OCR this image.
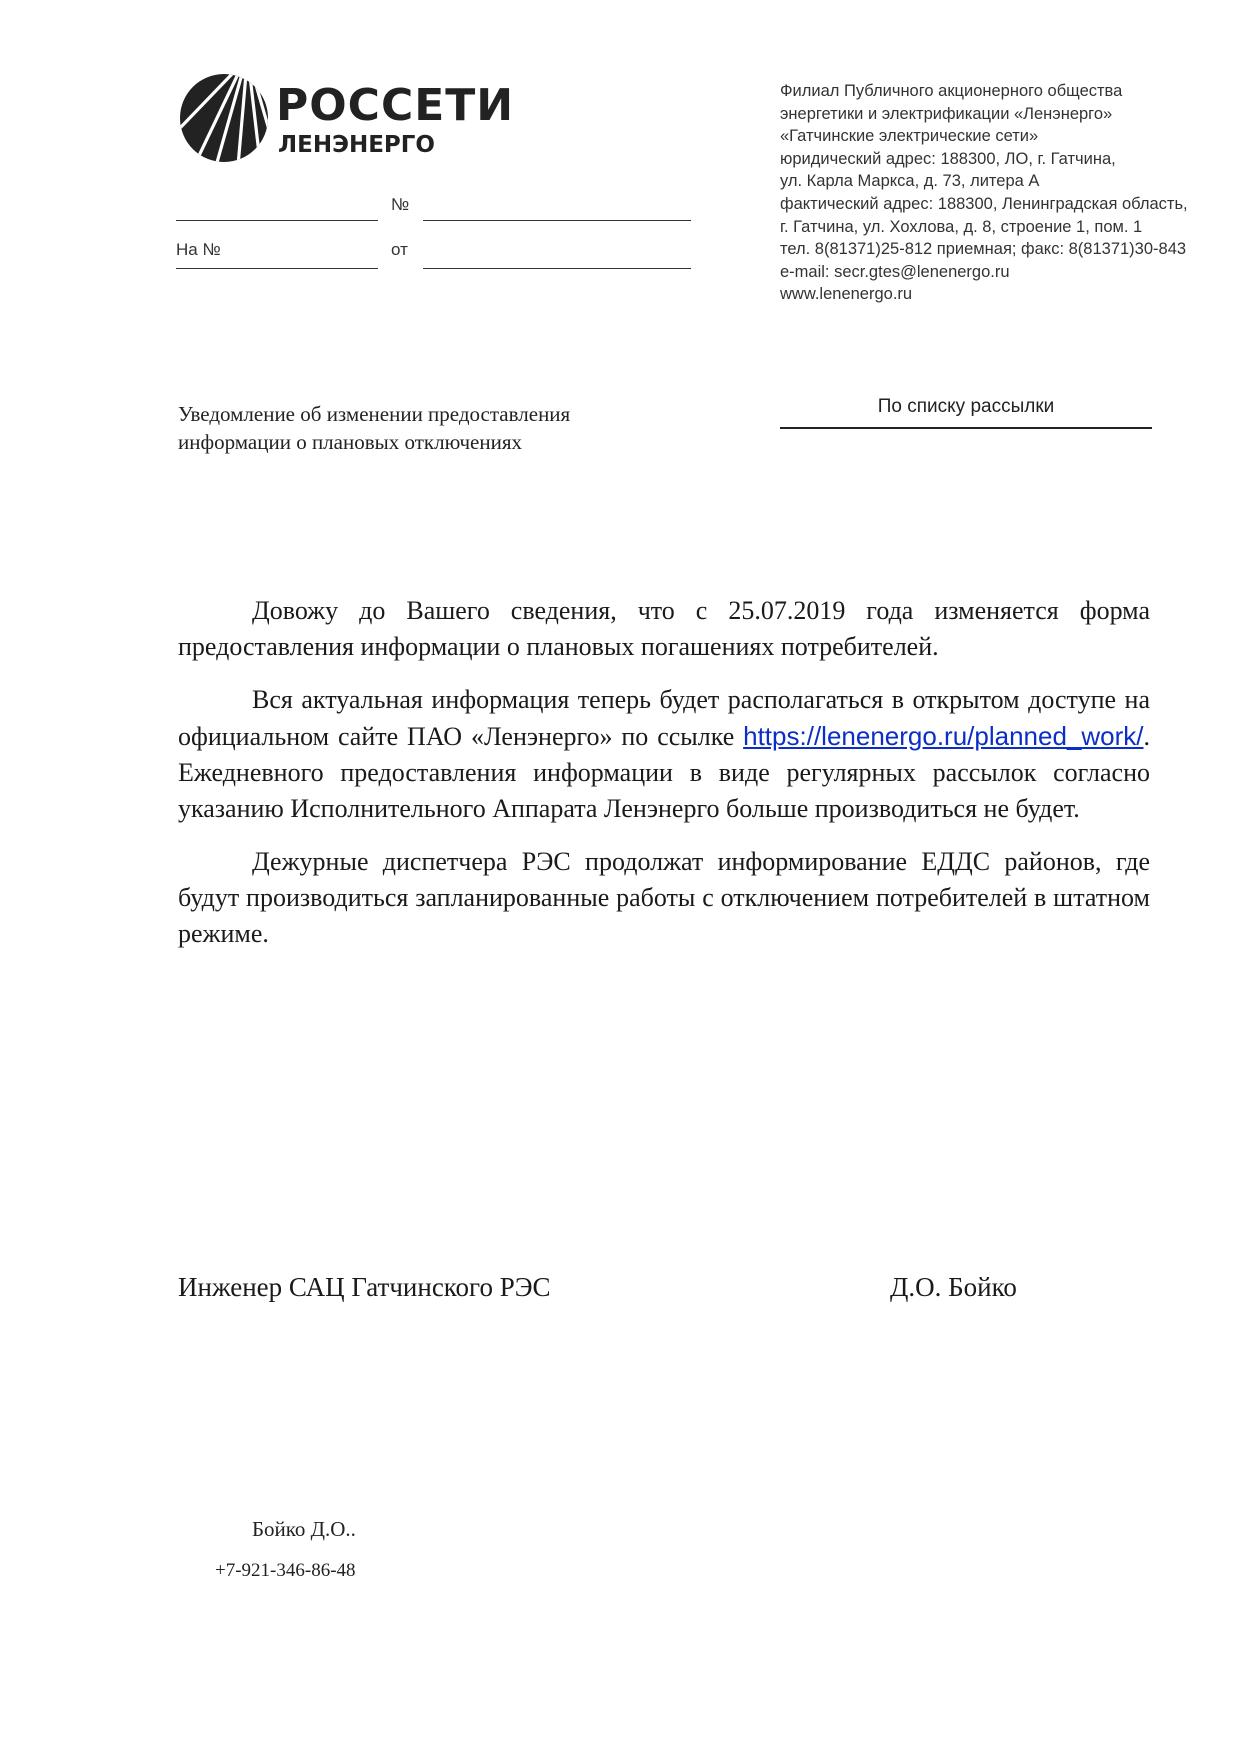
РОССЕТИ
ЛЕНЭНЕРГО
№
На №	от
Филиал Публичного акционерного общества
энергетики и электрификации «Ленэнерго»
«Гатчинские электрические сети»
юридический адрес: 188300, ЛО, г. Гатчина,
ул. Карла Маркса, д. 73, литера А
фактический адрес: 188300, Ленинградская область,
г. Гатчина, ул. Хохлова, д. 8, строение 1, пом. 1
тел. 8(81371)25-812 приемная; факс: 8(81371)30-843
e-mail: secr.gtes@lenenergo.ru
www.lenenergo.ru
Уведомление об изменении предоставления
информации о плановых отключениях
По списку рассылки

Довожу до Вашего сведения, что с 25.07.2019 года изменяется форма предоставления информации о плановых погашениях потребителей.

Вся актуальная информация теперь будет располагаться в открытом доступе на официальном сайте ПАО «Ленэнерго» по ссылке https://lenenergo.ru/planned_work/. Ежедневного предоставления информации в виде регулярных рассылок согласно указанию Исполнительного Аппарата Ленэнерго больше производиться не будет.

Дежурные диспетчера РЭС продолжат информирование ЕДДС районов, где будут производиться запланированные работы с отключением потребителей в штатном режиме.

Инженер САЦ Гатчинского РЭС	Д.О. Бойко
Бойко Д.О..
+7-921-346-86-48
